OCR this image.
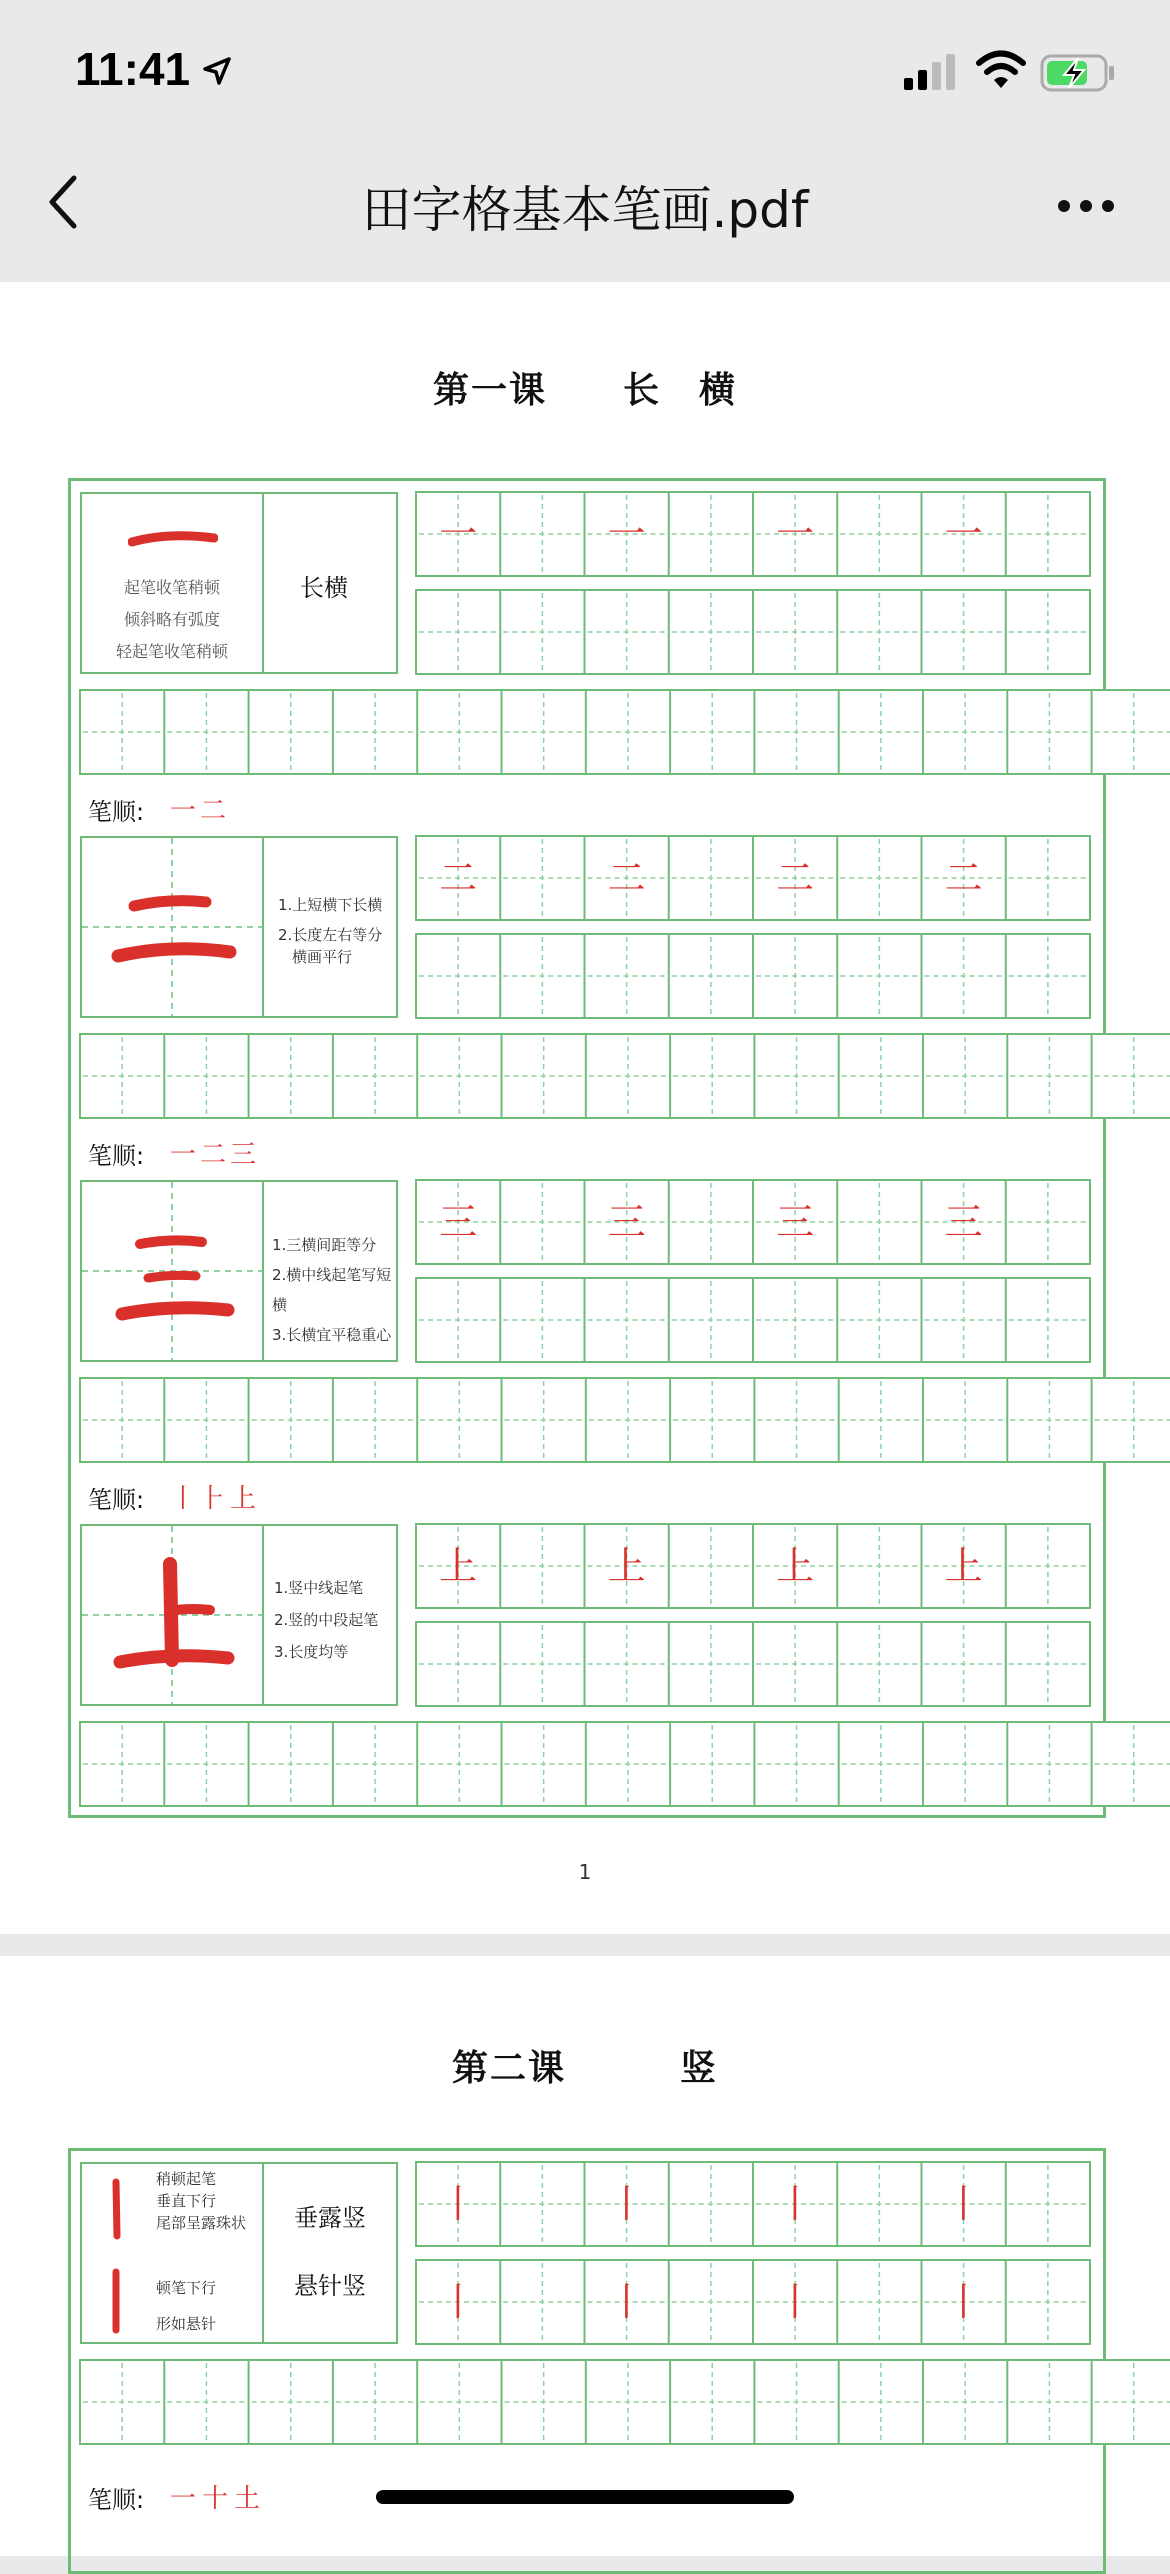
11:41
田字格基本笔画.pdf
第一课　　长　横
起笔收笔稍顿
倾斜略有弧度
轻起笔收笔稍顿
长横
笔顺: 一二
1.上短横下长横
2.长度左右等分
横画平行
笔顺: 一二三
1.三横间距等分
2.横中线起笔写短横
3.长横宜平稳重心
笔顺: 丨⺊上
1.竖中线起笔
2.竖的中段起笔
3.长度均等
一	一	一	一
二	二	二	二
三	三	三	三
上	上	上	上
1
第二课　　　竖
稍顿起笔
垂直下行
尾部呈露珠状
顿笔下行
形如悬针
垂露竖
悬针竖
丨	丨	丨	丨
丨	丨	丨	丨
笔顺: 一十土
